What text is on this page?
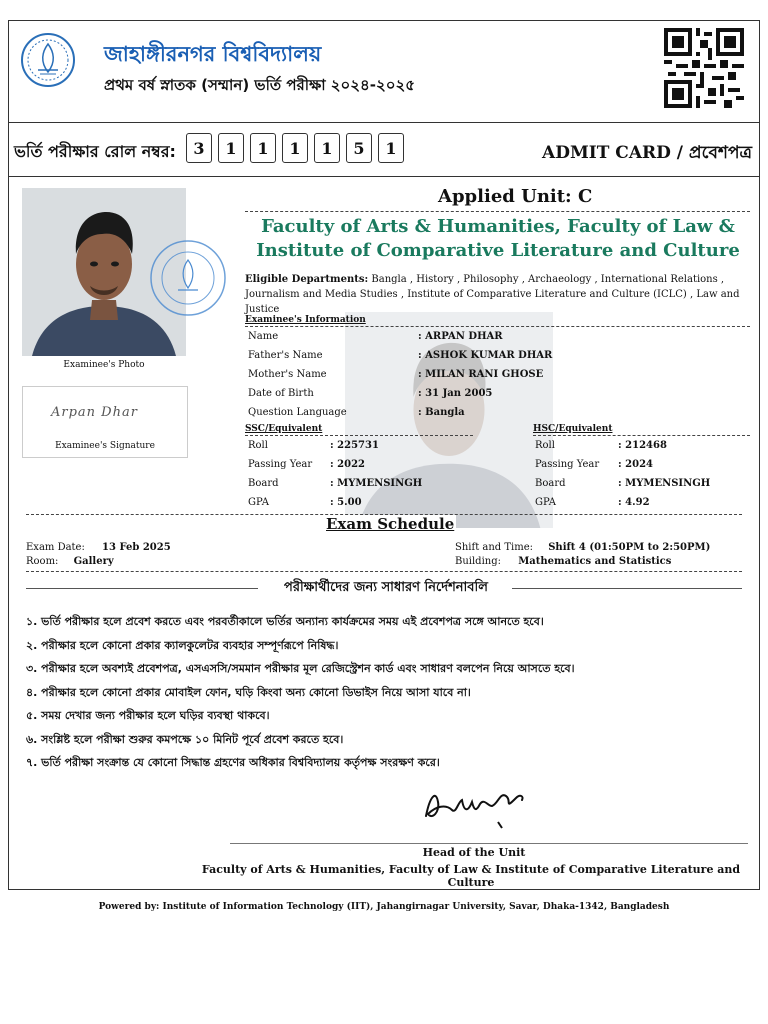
জাহাঙ্গীরনগর বিশ্ববিদ্যালয়
প্রথম বর্ষ স্নাতক (সম্মান) ভর্তি পরীক্ষা ২০২৪-২০২৫
ভর্তি পরীক্ষার রোল নম্বর:	3	1	1	1	1	5	1	ADMIT CARD / প্রবেশপত্র
Examinee's Photo
Arpan Dhar
Examinee's Signature
Applied Unit: C
Faculty of Arts & Humanities, Faculty of Law & Institute of Comparative Literature and Culture
Eligible Departments: Bangla , History , Philosophy , Archaeology , International Relations , Journalism and Media Studies , Institute of Comparative Literature and Culture (ICLC) , Law and Justice
Examinee's Information
Name	: ARPAN DHAR
Father's Name	: ASHOK KUMAR DHAR
Mother's Name	: MILAN RANI GHOSE
Date of Birth	: 31 Jan 2005
Question Language	: Bangla
SSC/Equivalent	HSC/Equivalent
Roll	: 225731
Passing Year : 2022
Board	: MYMENSINGH
GPA	: 5.00
Roll	: 212468
Passing Year : 2024
Board	: MYMENSINGH
GPA	: 4.92
Exam Schedule
Exam Date: 13 Feb 2025
Room: Gallery
Shift and Time: Shift 4 (01:50PM to 2:50PM)
Building: Mathematics and Statistics
পরীক্ষার্থীদের জন্য সাধারণ নির্দেশনাবলি
১. ভর্তি পরীক্ষার হলে প্রবেশ করতে এবং পরবর্তীকালে ভর্তির অন্যান্য কার্যক্রমের সময় এই প্রবেশপত্র সঙ্গে আনতে হবে।
২. পরীক্ষার হলে কোনো প্রকার ক্যালকুলেটর ব্যবহার সম্পূর্ণরূপে নিষিদ্ধ।
৩. পরীক্ষার হলে অবশ্যই প্রবেশপত্র, এসএসসি/সমমান পরীক্ষার মূল রেজিস্ট্রেশন কার্ড এবং সাধারণ বলপেন নিয়ে আসতে হবে।
৪. পরীক্ষার হলে কোনো প্রকার মোবাইল ফোন, ঘড়ি কিংবা অন্য কোনো ডিভাইস নিয়ে আসা যাবে না।
৫. সময় দেখার জন্য পরীক্ষার হলে ঘড়ির ব্যবস্থা থাকবে।
৬. সংশ্লিষ্ট হলে পরীক্ষা শুরুর কমপক্ষে ১০ মিনিট পূর্বে প্রবেশ করতে হবে।
৭. ভর্তি পরীক্ষা সংক্রান্ত যে কোনো সিদ্ধান্ত গ্রহণের অধিকার বিশ্ববিদ্যালয় কর্তৃপক্ষ সংরক্ষণ করে।
Head of the Unit
Faculty of Arts & Humanities, Faculty of Law & Institute of Comparative Literature and Culture
Powered by: Institute of Information Technology (IIT), Jahangirnagar University, Savar, Dhaka-1342, Bangladesh
